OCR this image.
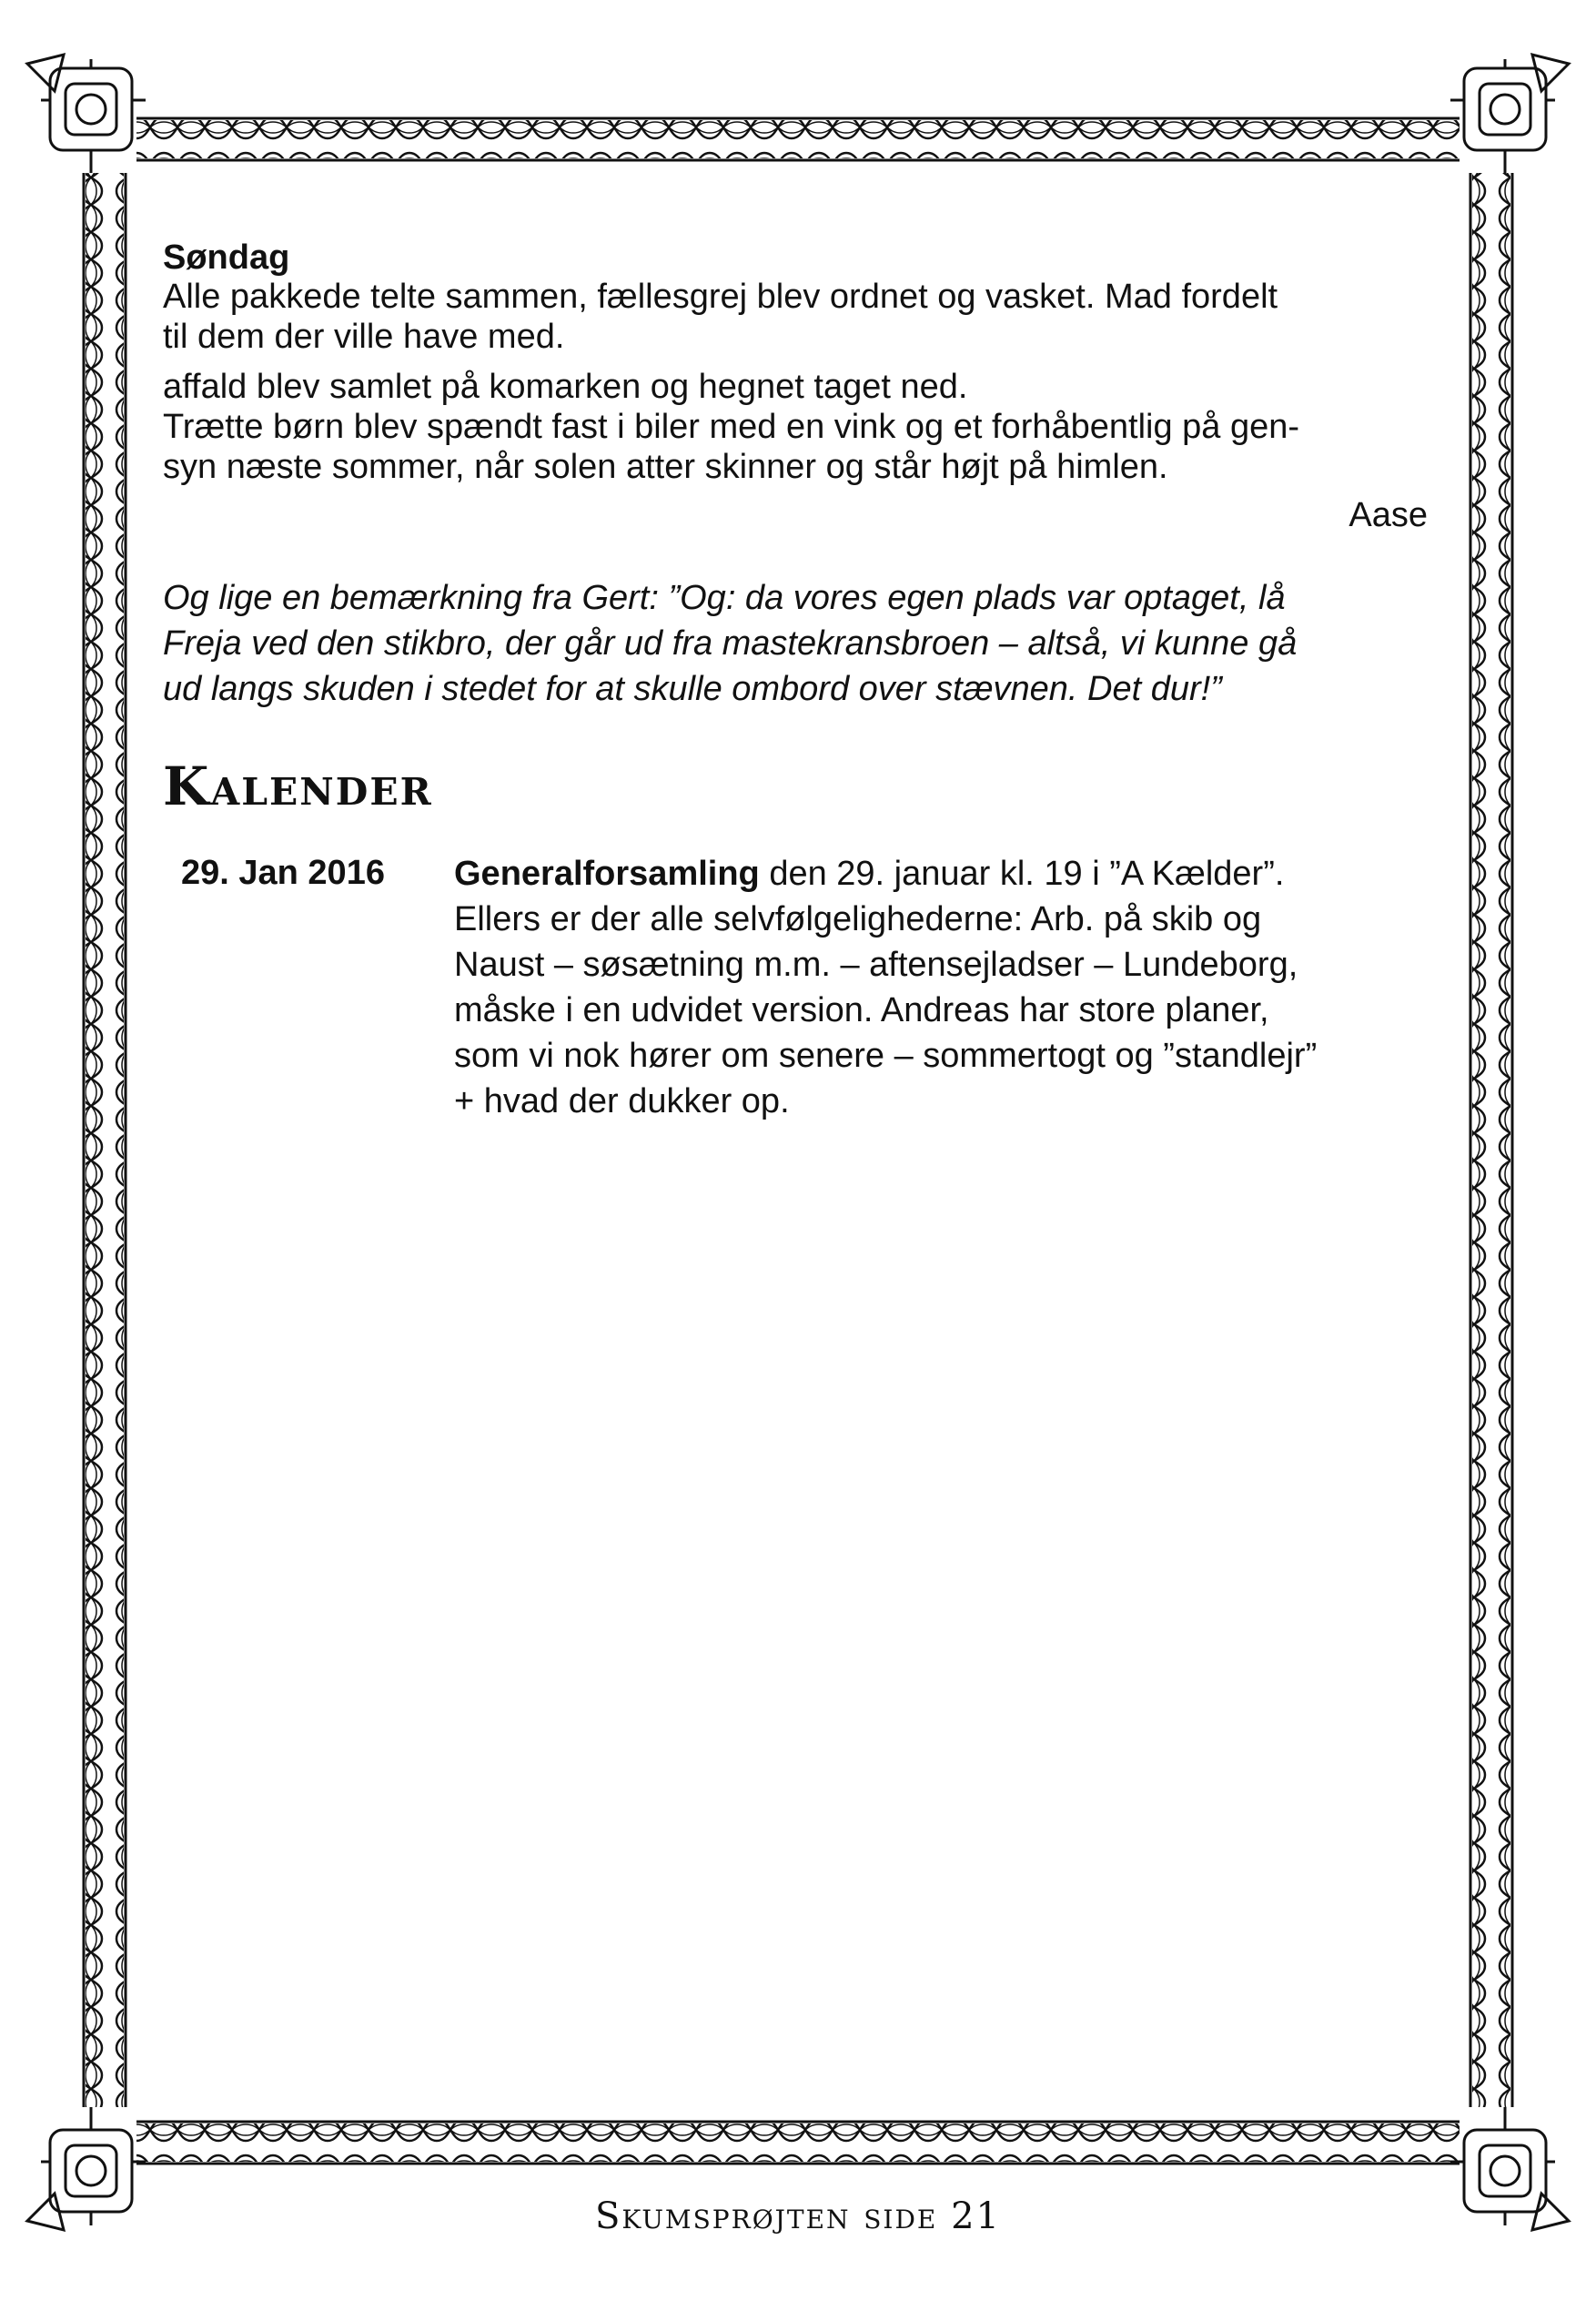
Søndag
Alle pakkede telte sammen, fællesgrej blev ordnet og vasket. Mad fordelt
til dem der ville have med.
affald blev samlet på komarken og hegnet taget ned.
Trætte børn blev spændt fast i biler med en vink og et forhåbentlig på gen-
syn næste sommer, når solen atter skinner og står højt på himlen.
Aase
Og lige en bemærkning fra Gert: ”Og: da vores egen plads var optaget, lå
Freja ved den stikbro, der går ud fra mastekransbroen – altså, vi kunne gå
ud langs skuden i stedet for at skulle ombord over stævnen. Det dur!”
Kalender
29. Jan 2016 Generalforsamling den 29. januar kl. 19 i ”A Kælder”.
Ellers er der alle selvfølgelighederne: Arb. på skib og
Naust – søsætning m.m. – aftensejladser – Lundeborg,
måske i en udvidet version. Andreas har store planer,
som vi nok hører om senere – sommertogt og ”standlejr”
+ hvad der dukker op.
Skumsprøjten side 21
